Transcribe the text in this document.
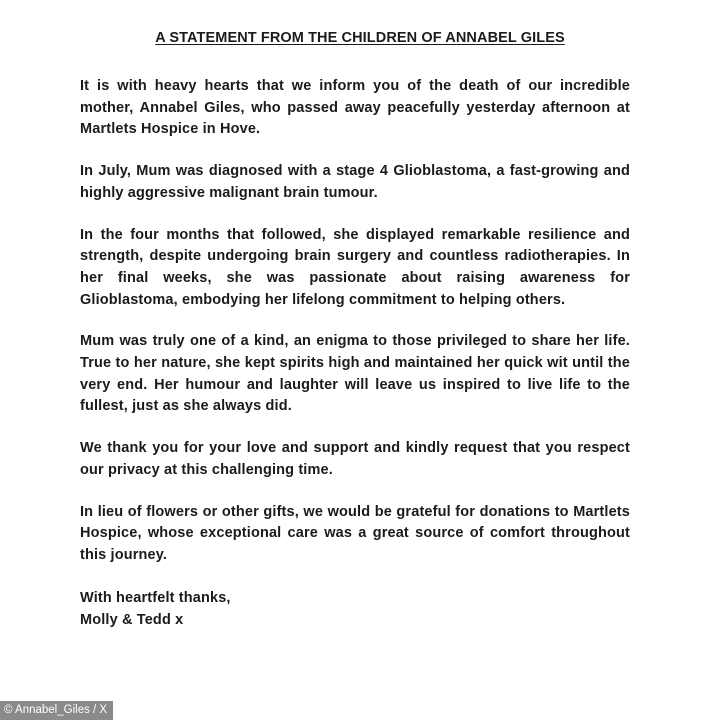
A STATEMENT FROM THE CHILDREN OF ANNABEL GILES

It is with heavy hearts that we inform you of the death of our incredible mother, Annabel Giles, who passed away peacefully yesterday afternoon at Martlets Hospice in Hove.

In July, Mum was diagnosed with a stage 4 Glioblastoma, a fast-growing and highly aggressive malignant brain tumour.

In the four months that followed, she displayed remarkable resilience and strength, despite undergoing brain surgery and countless radiotherapies. In her final weeks, she was passionate about raising awareness for Glioblastoma, embodying her lifelong commitment to helping others.

Mum was truly one of a kind, an enigma to those privileged to share her life. True to her nature, she kept spirits high and maintained her quick wit until the very end. Her humour and laughter will leave us inspired to live life to the fullest, just as she always did.

We thank you for your love and support and kindly request that you respect our privacy at this challenging time.

In lieu of flowers or other gifts, we would be grateful for donations to Martlets Hospice, whose exceptional care was a great source of comfort throughout this journey.

With heartfelt thanks,
Molly & Tedd x
© Annabel_Giles / X
